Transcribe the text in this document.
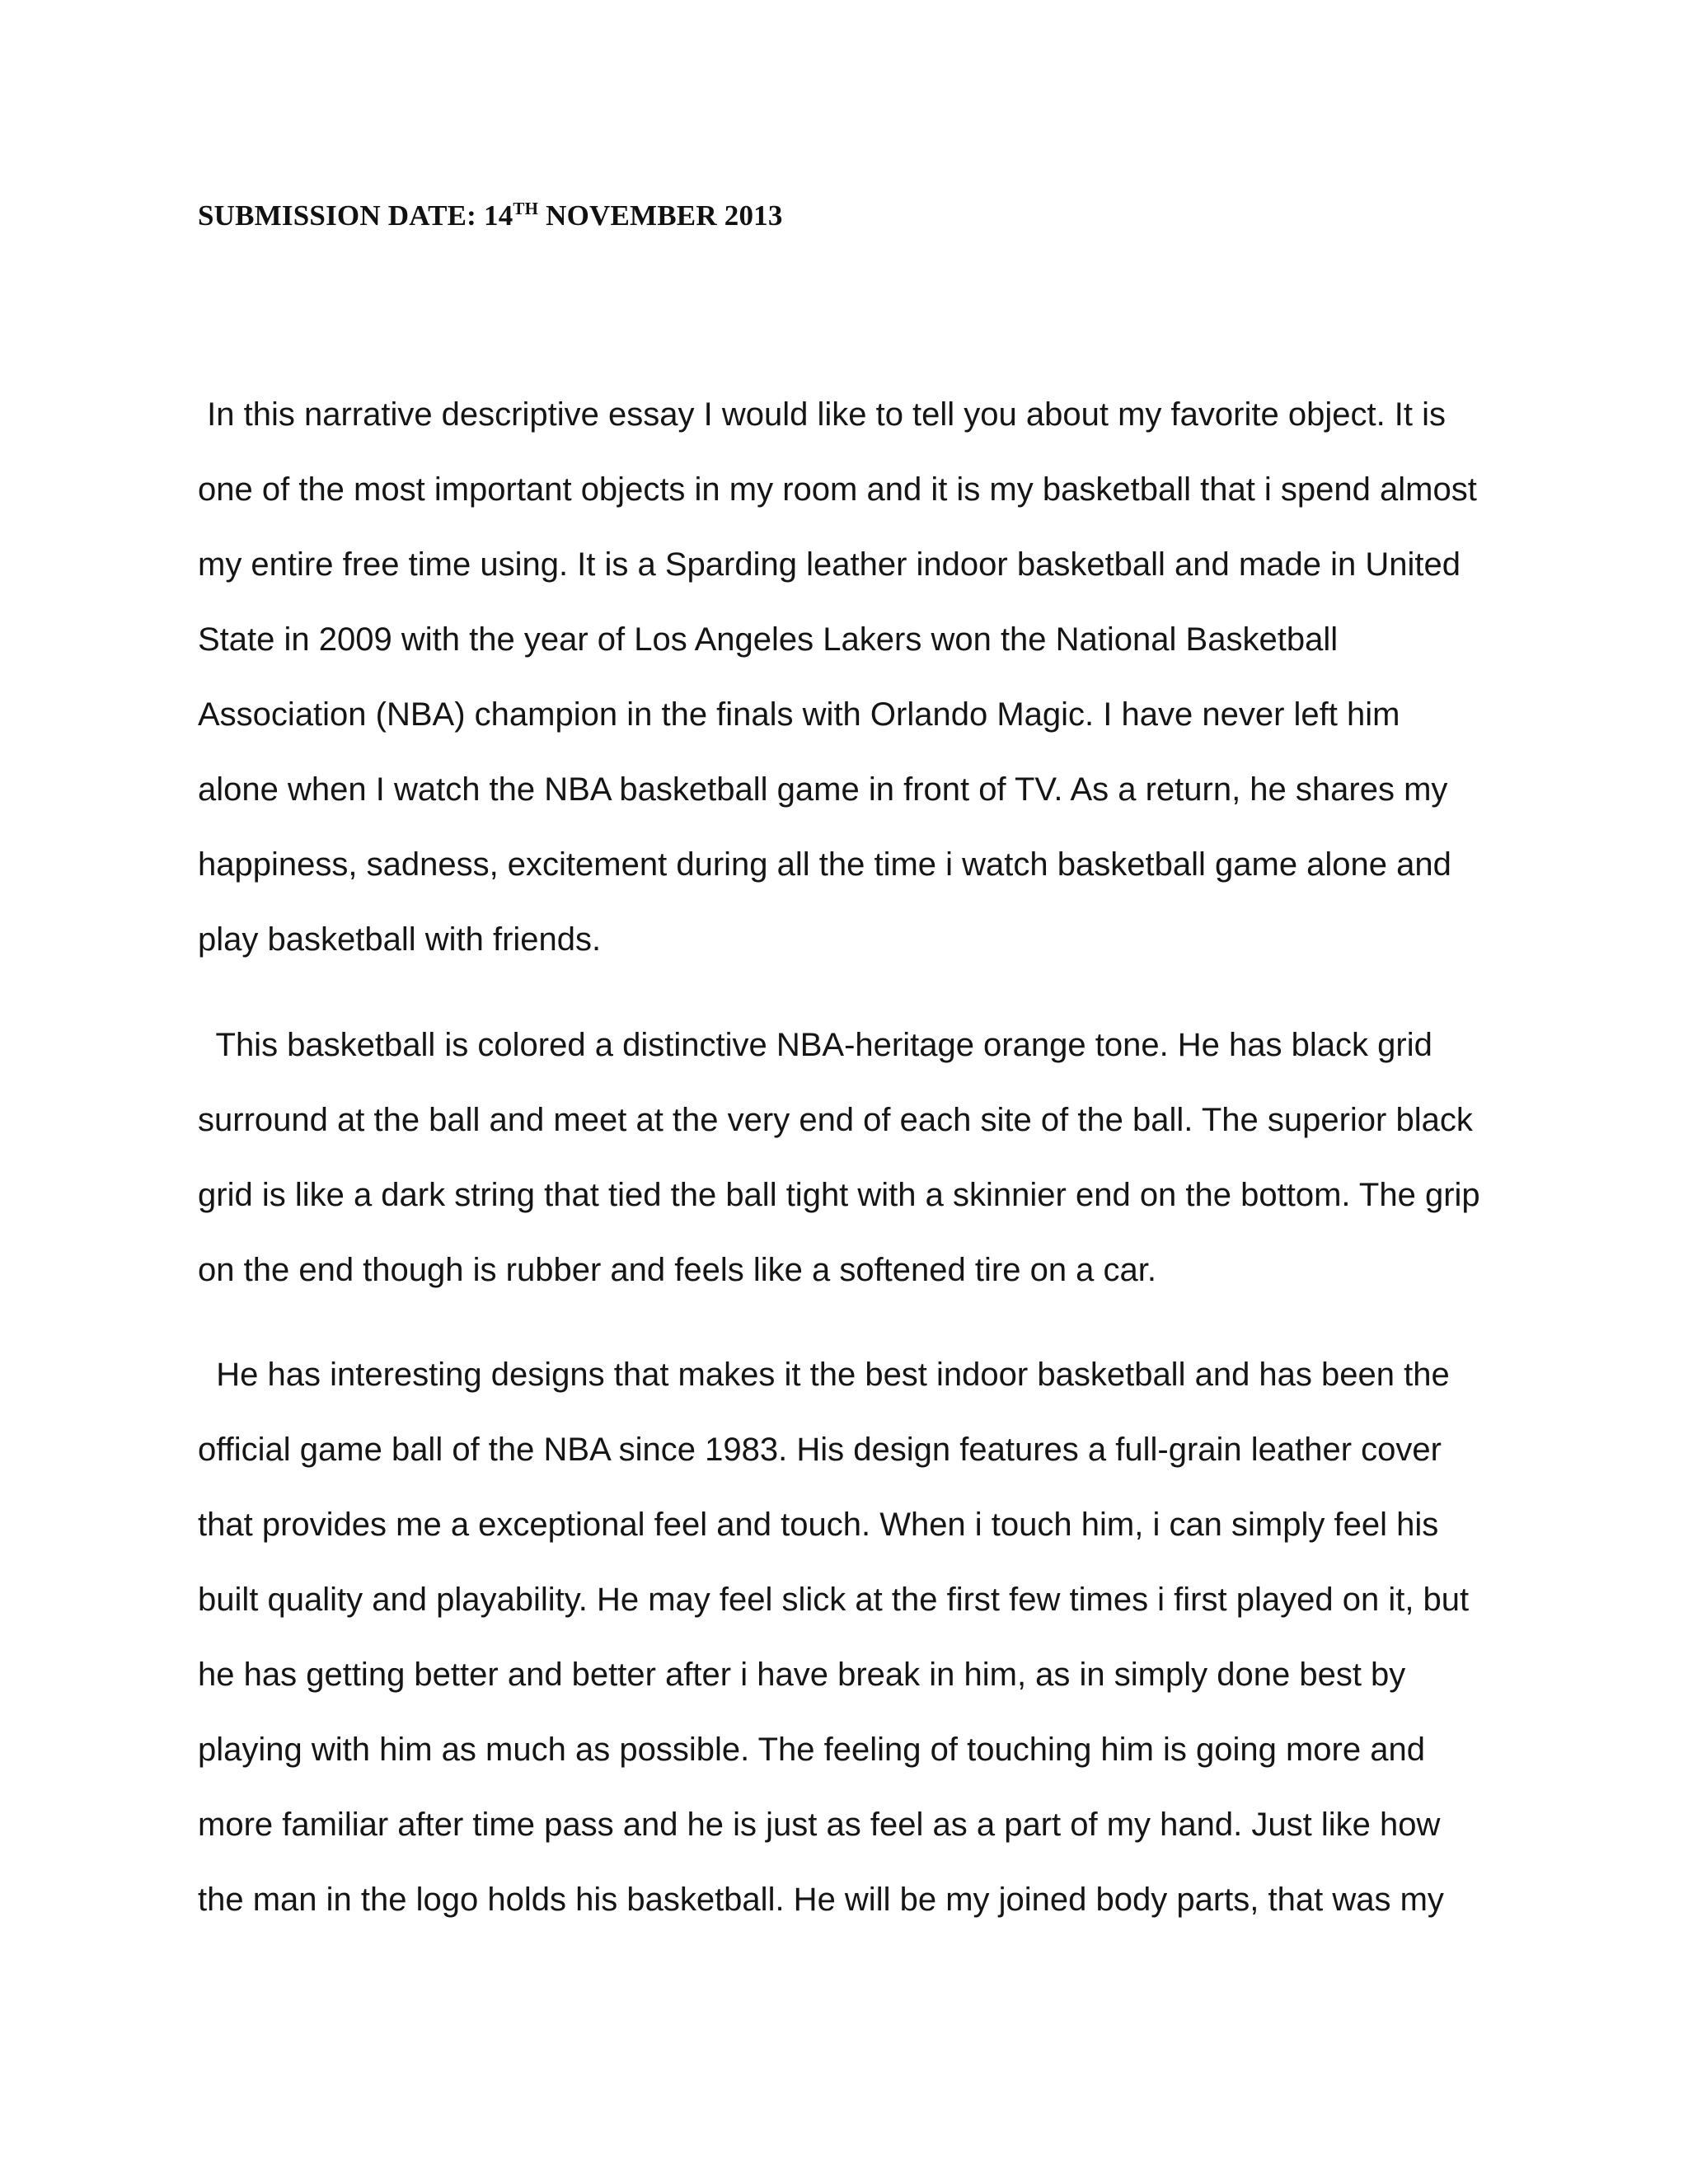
SUBMISSION DATE: 14TH NOVEMBER 2013

In this narrative descriptive essay I would like to tell you about my favorite object. It is

one of the most important objects in my room and it is my basketball that i spend almost

my entire free time using. It is a Sparding leather indoor basketball and made in United

State in 2009 with the year of Los Angeles Lakers won the National Basketball

Association (NBA) champion in the finals with Orlando Magic. I have never left him

alone when I watch the NBA basketball game in front of TV. As a return, he shares my

happiness, sadness, excitement during all the time i watch basketball game alone and

play basketball with friends.

This basketball is colored a distinctive NBA-heritage orange tone. He has black grid

surround at the ball and meet at the very end of each site of the ball. The superior black

grid is like a dark string that tied the ball tight with a skinnier end on the bottom. The grip

on the end though is rubber and feels like a softened tire on a car.

He has interesting designs that makes it the best indoor basketball and has been the

official game ball of the NBA since 1983. His design features a full-grain leather cover

that provides me a exceptional feel and touch. When i touch him, i can simply feel his

built quality and playability. He may feel slick at the first few times i first played on it, but

he has getting better and better after i have break in him, as in simply done best by

playing with him as much as possible. The feeling of touching him is going more and

more familiar after time pass and he is just as feel as a part of my hand. Just like how

the man in the logo holds his basketball. He will be my joined body parts, that was my
